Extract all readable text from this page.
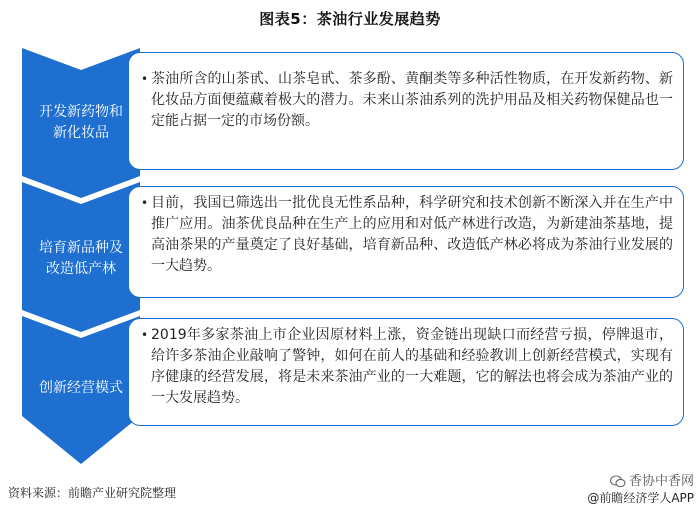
图表5：茶油行业发展趋势
开发新药物和
新化妆品
• 茶油所含的山茶甙、山茶皂甙、茶多酚、黄酮类等多种活性物质，在开发新药物、新化妆品方面便蕴藏着极大的潜力。未来山茶油系列的洗护用品及相关药物保健品也一定能占据一定的市场份额。
培育新品种及
改造低产林
• 目前，我国已筛选出一批优良无性系品种，科学研究和技术创新不断深入并在生产中推广应用。油茶优良品种在生产上的应用和对低产林进行改造，为新建油茶基地，提高油茶果的产量奠定了良好基础，培育新品种、改造低产林必将成为茶油行业发展的一大趋势。
创新经营模式
• 2019年多家茶油上市企业因原材料上涨，资金链出现缺口而经营亏损，停牌退市，给许多茶油企业敲响了警钟，如何在前人的基础和经验教训上创新经营模式，实现有序健康的经营发展，将是未来茶油产业的一大难题，它的解法也将会成为茶油产业的一大发展趋势。
资料来源：前瞻产业研究院整理
香协中香网
@前瞻经济学人APP
